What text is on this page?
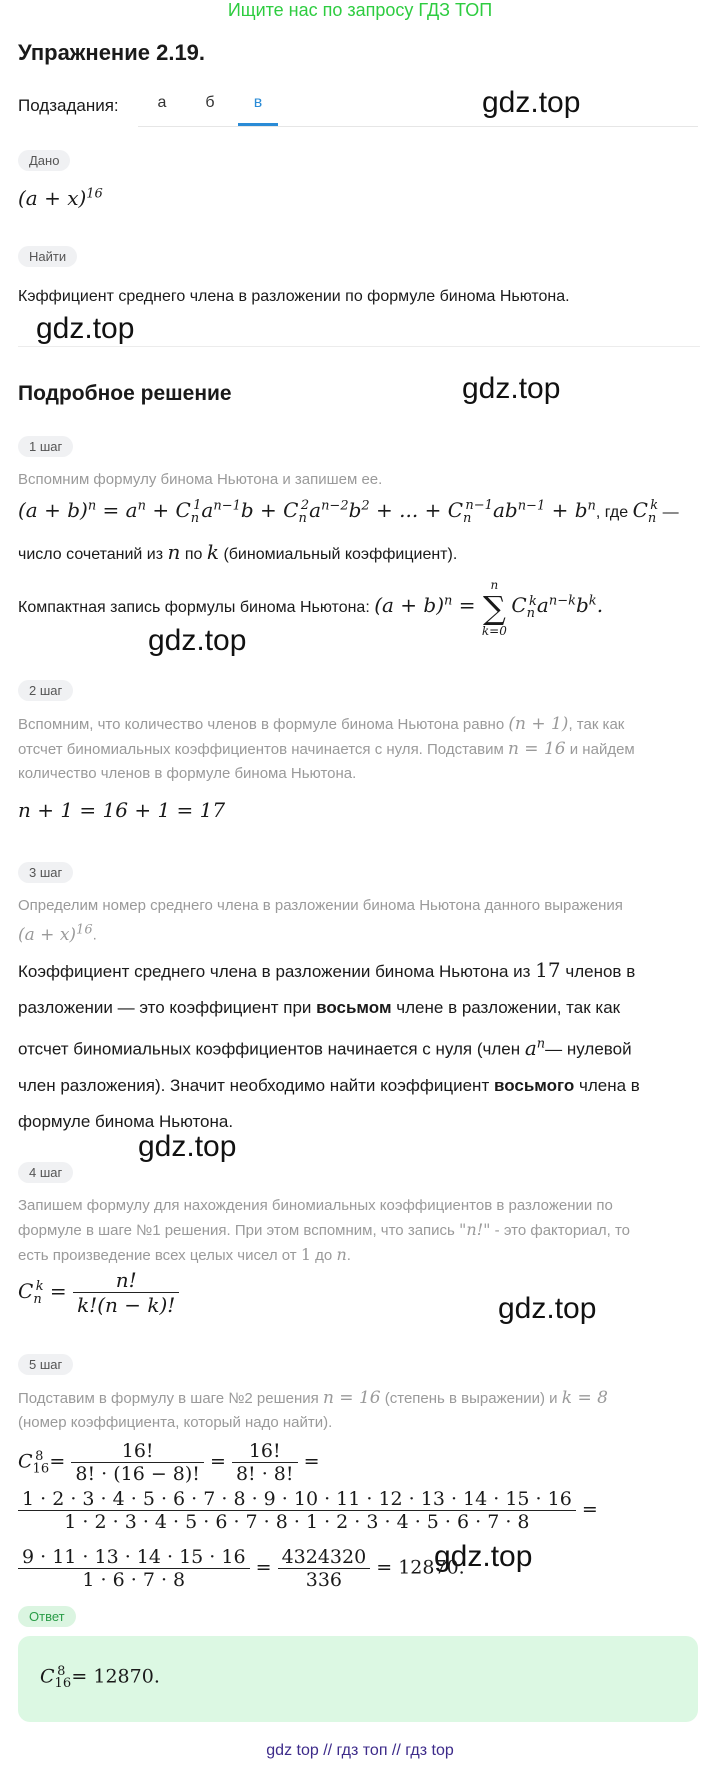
Ищите нас по запросу ГДЗ ТОП
Упражнение 2.19.
Подзадания:	а	б	в	gdz.top
gdz.top
gdz.top
gdz.top
gdz.top
gdz.top
gdz.top
Дано
$(a + x)^{16}$
Найти
Кэффициент среднего члена в разложении по формуле бинома Ньютона.
Подробное решение
1 шаг
Вспомним формулу бинома Ньютона и запишем ее.
$(a + b)^n = a^n + C_n^1a^{n-1}b + C_n^2a^{n-2}b^2$ + ... + $C_n^{n-1}ab^{n-1} + b^n$, где $C_n^k$ —
число сочетаний из n по k (биномиальный коэффициент).
Компактная запись формулы бинома Ньютона: $(a + b)^n$ =
n
∑
k=0
$C_n^ka^{n-k}b^k$.
2 шаг
Вспомним, что количество членов в формуле бинома Ньютона равно (n + 1), так как
отсчет биномиальных коэффициентов начинается с нуля. Подставим n = 16 и найдем
количество членов в формуле бинома Ньютона.
n + 1 = 16 + 1 = 17
3 шаг
Определим номер среднего члена в разложении бинома Ньютона данного выражения
$(a + x)^{16}$.
Коэффициент среднего члена в разложении бинома Ньютона из 17 членов в
разложении — это коэффициент при восьмом члене в разложении, так как
отсчет биномиальных коэффициентов начинается с нуля (член $a^n—$ нулевой
член разложения). Значит необходимо найти коэффициент восьмого члена в
формуле бинома Ньютона.
4 шаг
Запишем формулу для нахождения биномиальных коэффициентов в разложении по
формуле в шаге №1 решения. При этом вспомним, что запись "n!" - это факториал, то
есть произведение всех целых чисел от 1 до n.
$C_n^k = \frac{n!}{k!(n - k)!}$
5 шаг
Подставим в формулу в шаге №2 решения n = 16 (степень в выражении) и k = 8
(номер коэффициента, который надо найти).
$C_{16}^8 = \frac{16!}{8! \cdot (16 - 8)!} = \frac{16!}{8! \cdot 8!}$ =
1 · 2 · 3 · 4 · 5 · 6 · 7 · 8 · 9 · 10 · 11 · 12 · 13 · 14 · 15 · 16
1 · 2 · 3 · 4 · 5 · 6 · 7 · 8 · 1 · 2 · 3 · 4 · 5 · 6 · 7 · 8
=
$\frac{9 \cdot 11 \cdot 13 \cdot 14 \cdot 15 \cdot 16}{1 \cdot 6 \cdot 7 \cdot 8} = \frac{4324320}{336} = 12870$.
Ответ
$C_{16}^8 = 12870$.
gdz top // гдз топ // гдз top
